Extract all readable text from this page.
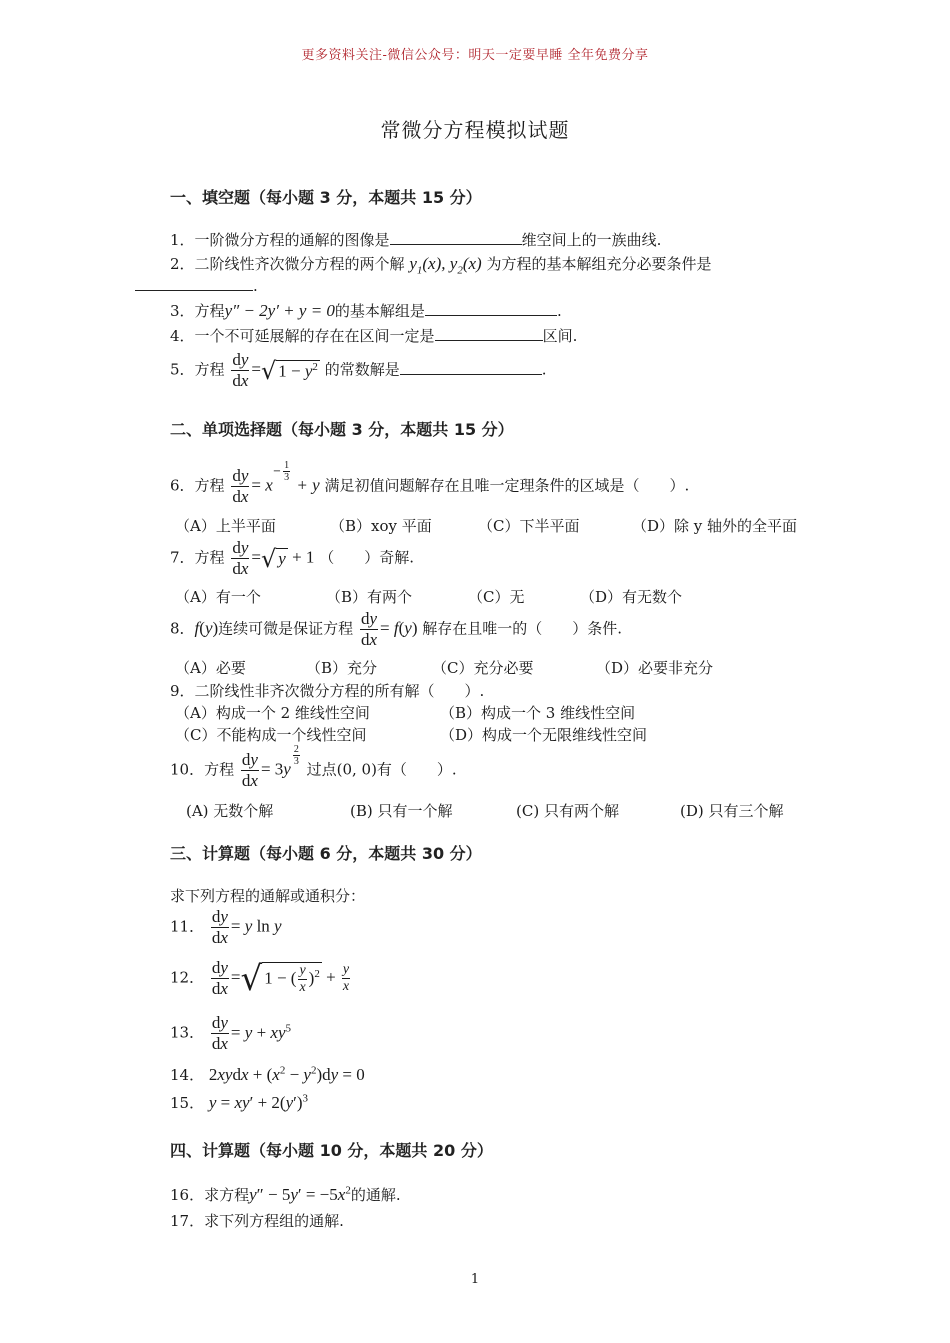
更多资料关注-微信公众号：明天一定要早睡 全年免费分享
常微分方程模拟试题
一、填空题（每小题 3 分，本题共 15 分）
1．一阶微分方程的通解的图像是	维空间上的一族曲线.
2．二阶线性齐次微分方程的两个解 $y_1(x)$, $y_2(x)$ 为方程的基本解组充分必要条件是
.
3．方程y″ − 2y′ + y = 0的基本解组是	.
4．一个不可延展解的存在在区间一定是	区间.
5．方程 $\frac{dy}{dx}$ =√ $1 - y^2$ 的常数解是	.
二、单项选择题（每小题 3 分，本题共 15 分）
6．方程 $\frac{dy}{dx} = x- \frac{1}{3}$
+ y 满足初值问题解存在且唯一定理条件的区域是（　　）.
（A）上半平面	（B）xoy 平面	（C）下半平面	（D）除 y 轴外的全平面
7．方程 $\frac{dy}{dx}$ =√ y + 1 （　　）奇解.
（A）有一个	（B）有两个	（C）无	（D）有无数个
8．f(y)连续可微是保证方程 $\frac{dy}{dx} = f(y)$ 解存在且唯一的（　　）条件.
（A）必要	（B）充分	（C）充分必要	（D）必要非充分
9．二阶线性非齐次微分方程的所有解（　　）.
（A）构成一个 2 维线性空间	（B）构成一个 3 维线性空间
（C）不能构成一个线性空间	（D）构成一个无限维线性空间
10．方程 $\frac{dy}{dx} = 3y$
$\frac{2}{3}$
过点(0, 0)有（　　）.
(A) 无数个解	(B) 只有一个解	(C) 只有两个解	(D) 只有三个解
三、计算题（每小题 6 分，本题共 30 分）
求下列方程的通解或通积分：
11． $\frac{dy}{dx} = y$ ln y
12． $\frac{dy}{dx}$ =√ 1 − ( $\frac{y}{x} )^2 + \frac{y}{x}$
13． $\frac{dy}{dx} = y + xy^5$
14． 2xydx + $(x^2 - y^2)dy = 0$
15． $y = xy' + 2(y')^3$
四、计算题（每小题 10 分，本题共 20 分）
16．求方程$y'' - 5y' = -5x^2$的通解.
17．求下列方程组的通解.
1
